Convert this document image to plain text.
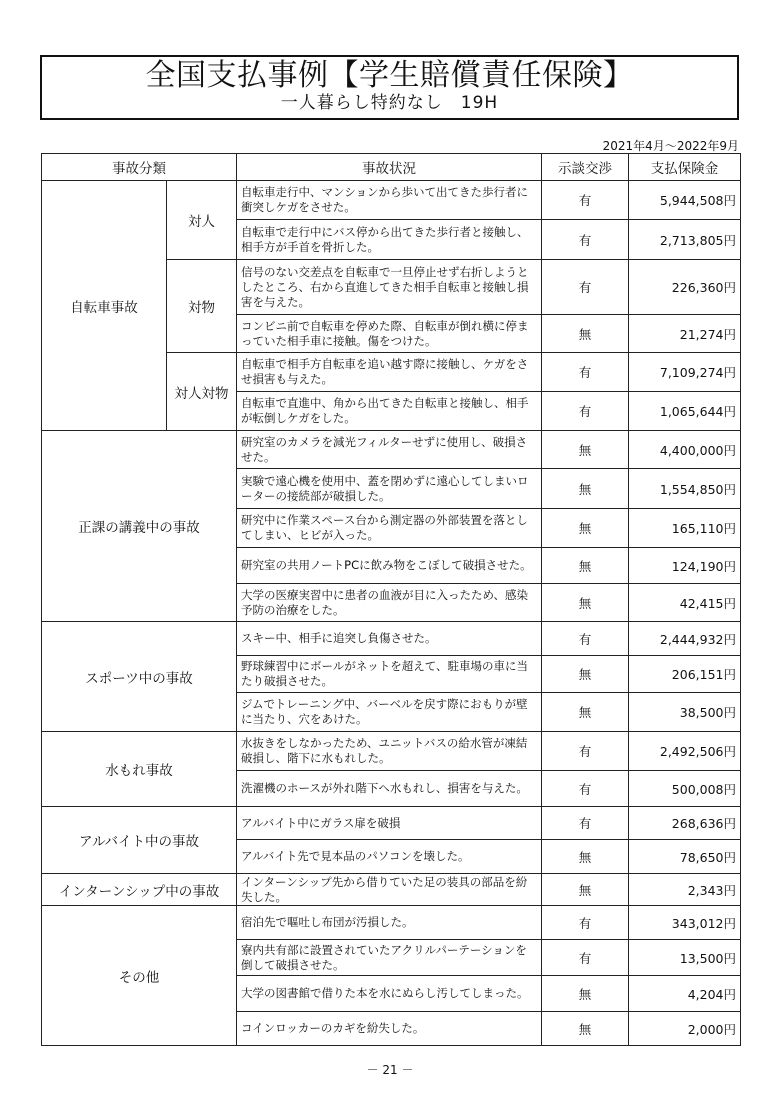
全国支払事例【学生賠償責任保険】
一人暮らし特約なし　19H
2021年4月～2022年9月
事故分類		事故状況	示談交渉	支払保険金
自転車事故	対人	自転車走行中、マンションから歩いて出てきた歩行者に衝突しケガをさせた。	有	5,944,508円
		自転車で走行中にバス停から出てきた歩行者と接触し、相手方が手首を骨折した。	有	2,713,805円
	対物	信号のない交差点を自転車で一旦停止せず右折しようとしたところ、右から直進してきた相手自転車と接触し損害を与えた。	有	226,360円
		コンビニ前で自転車を停めた際、自転車が倒れ横に停まっていた相手車に接触。傷をつけた。	無	21,274円
	対人対物	自転車で相手方自転車を追い越す際に接触し、ケガをさせ損害も与えた。	有	7,109,274円
		自転車で直進中、角から出てきた自転車と接触し、相手が転倒しケガをした。	有	1,065,644円
正課の講義中の事故		研究室のカメラを減光フィルターせずに使用し、破損させた。	無	4,400,000円
		実験で遠心機を使用中、蓋を閉めずに遠心してしまいローターの接続部が破損した。	無	1,554,850円
		研究中に作業スペース台から測定器の外部装置を落としてしまい、ヒビが入った。	無	165,110円
		研究室の共用ノートPCに飲み物をこぼして破損させた。	無	124,190円
		大学の医療実習中に患者の血液が目に入ったため、感染予防の治療をした。	無	42,415円
スポーツ中の事故		スキー中、相手に追突し負傷させた。	有	2,444,932円
		野球練習中にボールがネットを超えて、駐車場の車に当たり破損させた。	無	206,151円
		ジムでトレーニング中、バーベルを戻す際におもりが壁に当たり、穴をあけた。	無	38,500円
水もれ事故		水抜きをしなかったため、ユニットバスの給水管が凍結破損し、階下に水もれした。	有	2,492,506円
		洗濯機のホースが外れ階下へ水もれし、損害を与えた。	有	500,008円
アルバイト中の事故		アルバイト中にガラス扉を破損	有	268,636円
		アルバイト先で見本品のパソコンを壊した。	無	78,650円
インターンシップ中の事故		インターンシップ先から借りていた足の装具の部品を紛失した。	無	2,343円
その他		宿泊先で嘔吐し布団が汚損した。	有	343,012円
		寮内共有部に設置されていたアクリルパーテーションを倒して破損させた。	有	13,500円
		大学の図書館で借りた本を水にぬらし汚してしまった。	無	4,204円
		コインロッカーのカギを紛失した。	無	2,000円
－ 21 －
